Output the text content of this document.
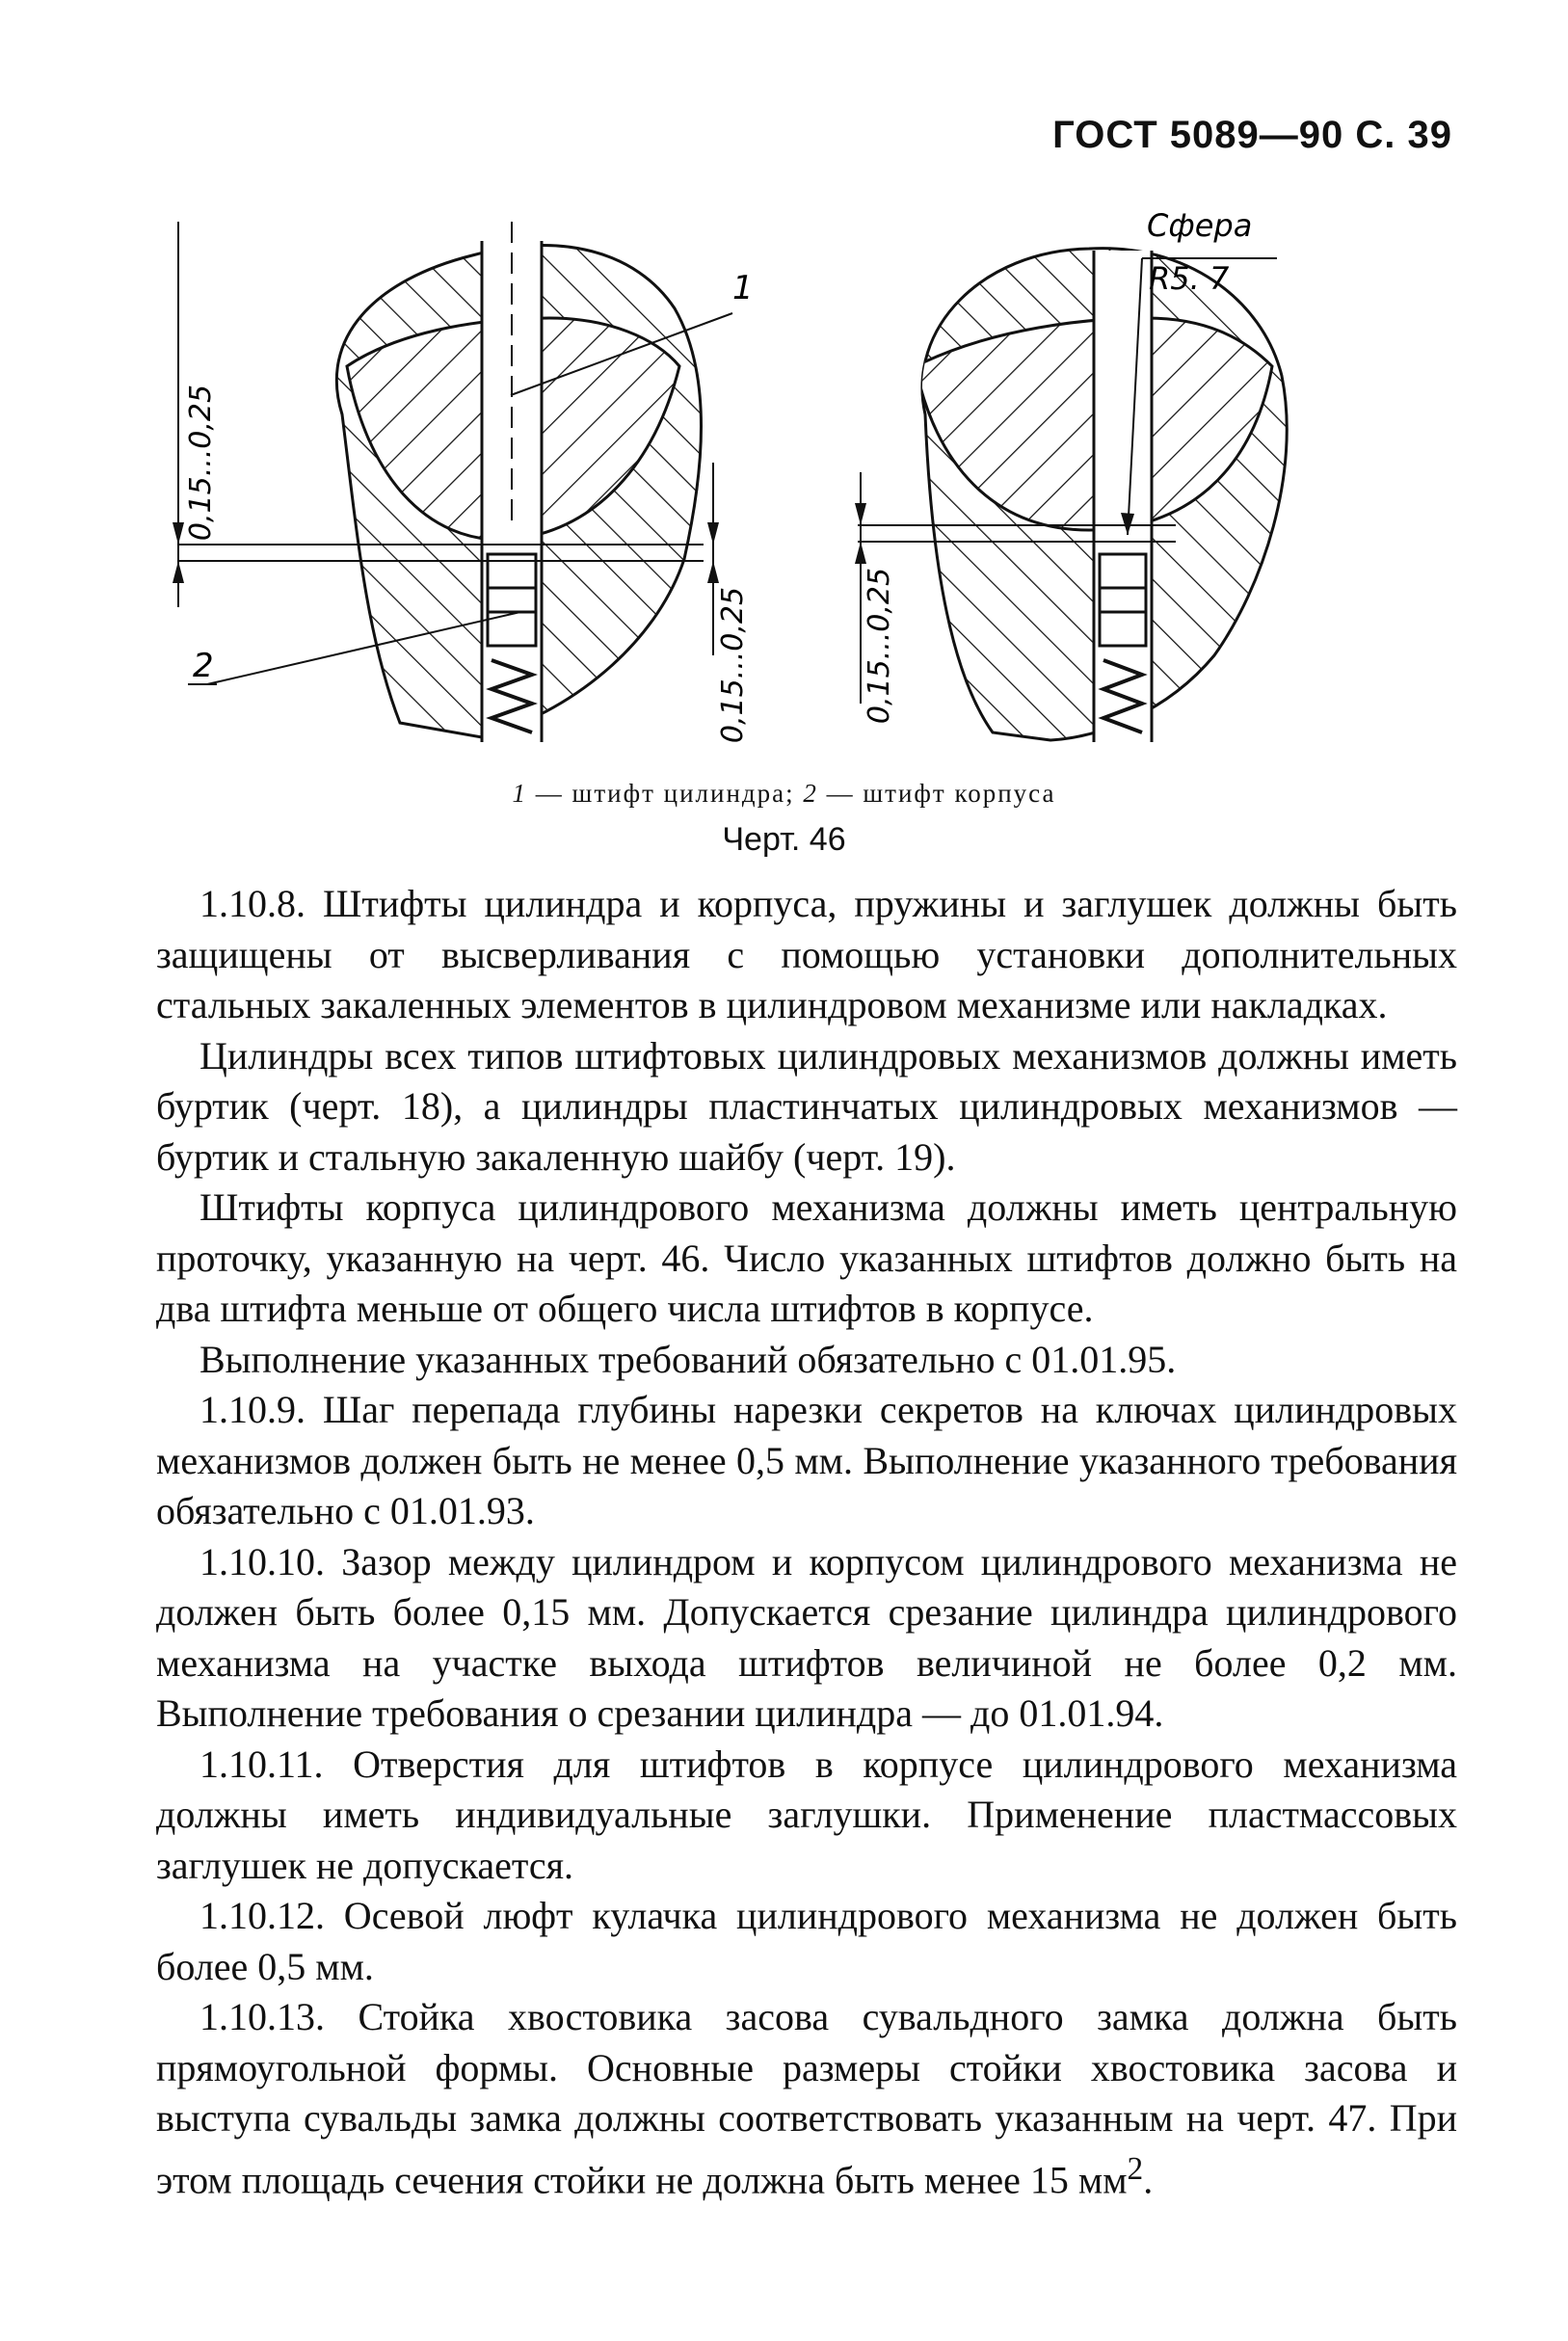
ГОСТ 5089—90 С. 39
0,15...0,25
0,15...0,25
1
2	0,15...0,25
Сфера
R5. 7
1 — штифт цилиндра; 2 — штифт корпуса
Черт. 46

1.10.8. Штифты цилиндра и корпуса, пружины и заглушек должны быть защищены от высверливания с помощью установки дополнительных стальных закаленных элементов в цилиндровом механизме или накладках.

Цилиндры всех типов штифтовых цилиндровых механизмов должны иметь буртик (черт. 18), а цилиндры пластинчатых цилиндровых механизмов — буртик и стальную закаленную шайбу (черт. 19).

Штифты корпуса цилиндрового механизма должны иметь центральную проточку, указанную на черт. 46. Число указанных штифтов должно быть на два штифта меньше от общего числа штифтов в корпусе.

Выполнение указанных требований обязательно с 01.01.95.

1.10.9. Шаг перепада глубины нарезки секретов на ключах цилиндровых механизмов должен быть не менее 0,5 мм. Выполнение указанного требования обязательно с 01.01.93.

1.10.10. Зазор между цилиндром и корпусом цилиндрового механизма не должен быть более 0,15 мм. Допускается срезание цилиндра цилиндрового механизма на участке выхода штифтов величиной не более 0,2 мм. Выполнение требования о срезании цилиндра — до 01.01.94.

1.10.11. Отверстия для штифтов в корпусе цилиндрового механизма должны иметь индивидуальные заглушки. Применение пластмассовых заглушек не допускается.

1.10.12. Осевой люфт кулачка цилиндрового механизма не должен быть более 0,5 мм.

1.10.13. Стойка хвостовика засова сувальдного замка должна быть прямоугольной формы. Основные размеры стойки хвостовика засова и выступа сувальды замка должны соответствовать указанным на черт. 47. При этом площадь сечения стойки не должна быть менее 15 $мм^2$.
